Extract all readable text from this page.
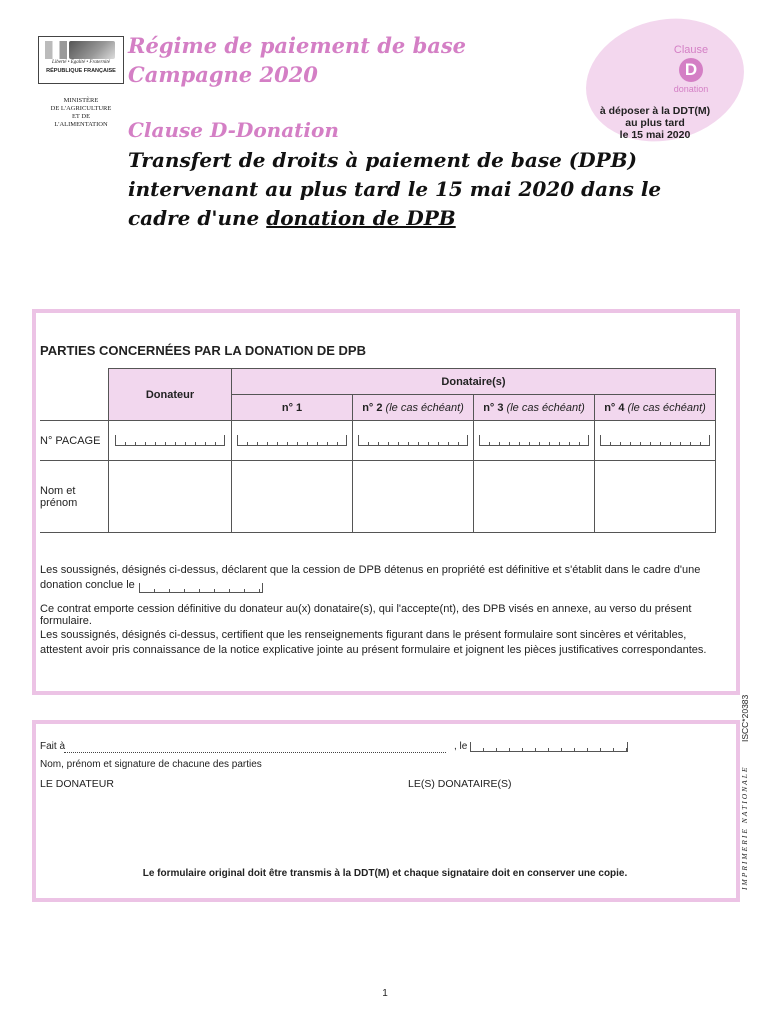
Liberté • Égalité • Fraternité
RÉPUBLIQUE FRANÇAISE
MINISTÈRE
DE L'AGRICULTURE
ET DE
L'ALIMENTATION
Régime de paiement de base
Campagne 2020
Clause
D
donation
à déposer à la DDT(M)
au plus tard
le 15 mai 2020
Clause D-Donation
Transfert de droits à paiement de base (DPB) intervenant au plus tard le 15 mai 2020 dans le cadre d'une donation de DPB
PARTIES CONCERNÉES PAR LA DONATION DE DPB
	Donateur	Donataire(s)			
		n° 1	n° 2 (le cas échéant)	n° 3 (le cas échéant)	n° 4 (le cas échéant)
N° PACAGE	

Nom et prénom					
Les soussignés, désignés ci-dessus, déclarent que la cession de DPB détenus en propriété est définitive et s'établit dans le cadre d'une donation conclue le
Ce contrat emporte cession définitive du donateur au(x) donataire(s), qui l'accepte(nt), des DPB visés en annexe, au verso du présent formulaire.
Les soussignés, désignés ci-dessus, certifient que les renseignements figurant dans le présent formulaire sont sincères et véritables, attestent avoir pris connaissance de la notice explicative jointe au présent formulaire et joignent les pièces justificatives correspondantes.
ISCC*20383
IMPRIMERIE NATIONALE
Fait à	, le
Nom, prénom et signature de chacune des parties
LE DONATEUR	LE(S) DONATAIRE(S)
Le formulaire original doit être transmis à la DDT(M) et chaque signataire doit en conserver une copie.
1
